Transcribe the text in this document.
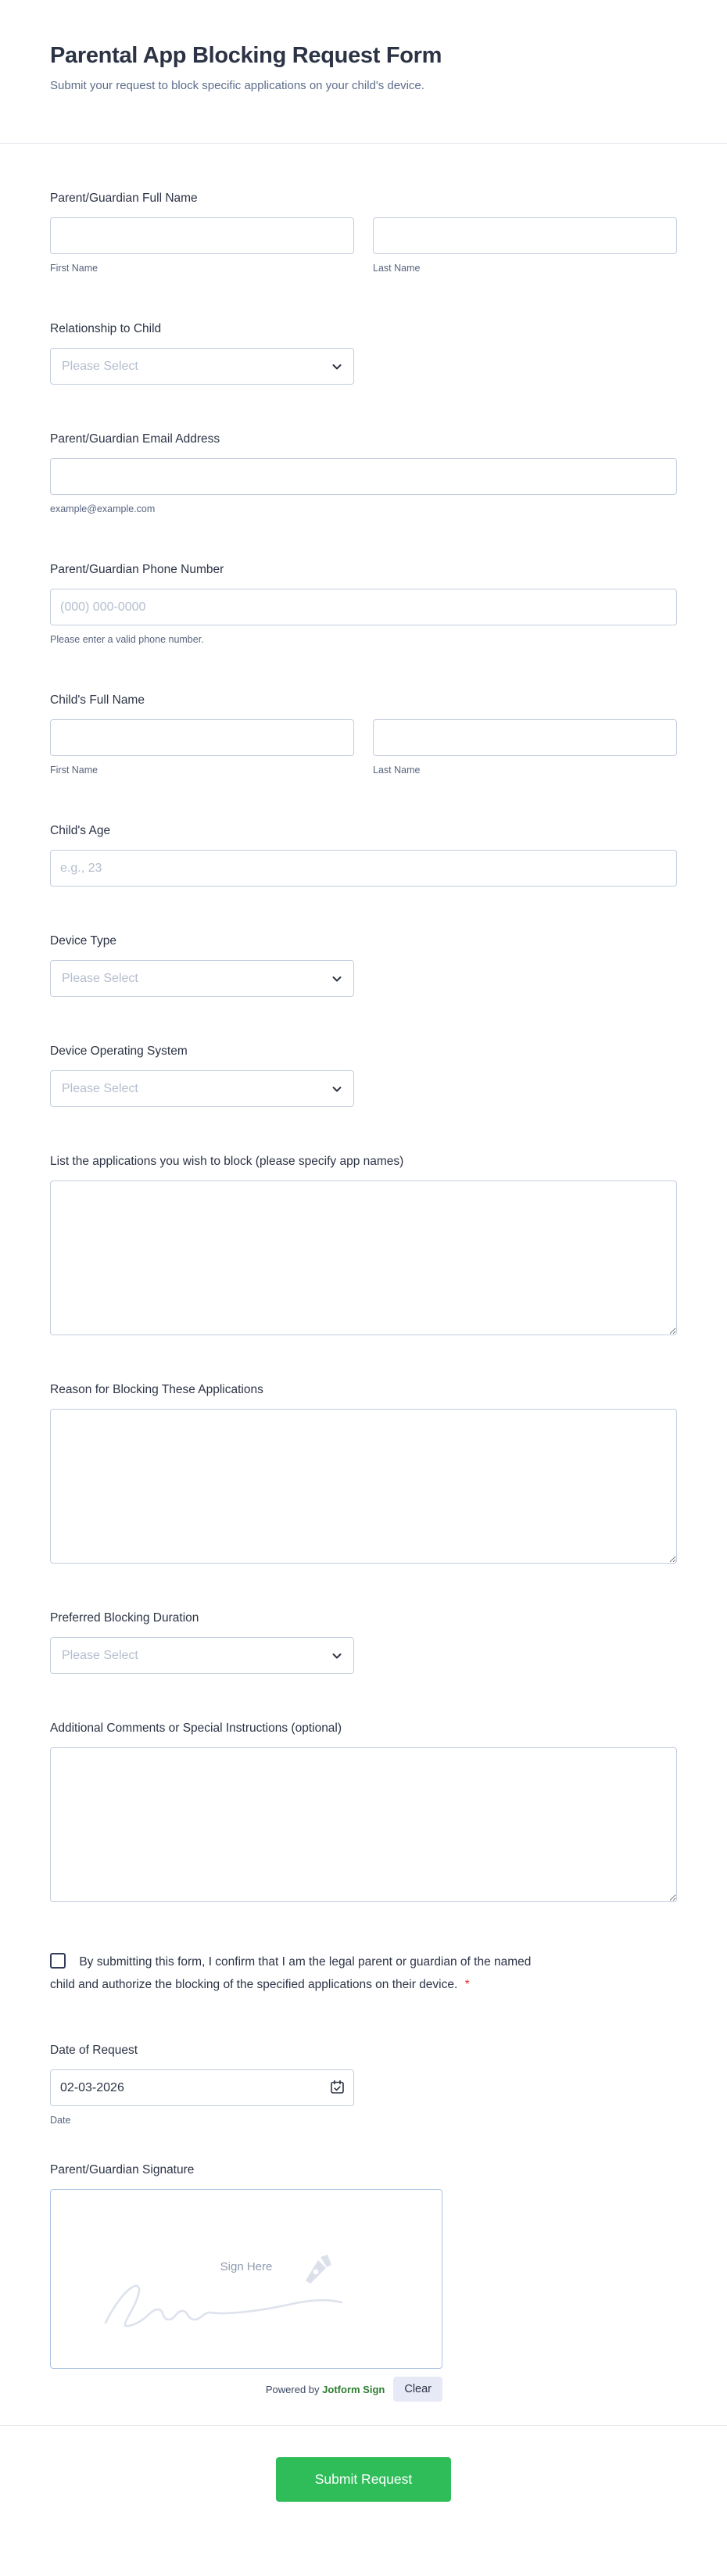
Parental App Blocking Request Form
Submit your request to block specific applications on your child's device.
Parent/Guardian Full Name
First Name	Last Name
Relationship to Child
Please Select
Parent/Guardian Email Address
example@example.com
Parent/Guardian Phone Number
(000) 000-0000
Please enter a valid phone number.
Child's Full Name
First Name	Last Name
Child's Age
e.g., 23
Device Type
Please Select
Device Operating System
Please Select
List the applications you wish to block (please specify app names)
Reason for Blocking These Applications
Preferred Blocking Duration
Please Select
Additional Comments or Special Instructions (optional)
By submitting this form, I confirm that I am the legal parent or guardian of the named child and authorize the blocking of the specified applications on their device. *
Date of Request
02-03-2026
Date
Parent/Guardian Signature
Sign Here
Powered by Jotform Sign	Clear
Submit Request
